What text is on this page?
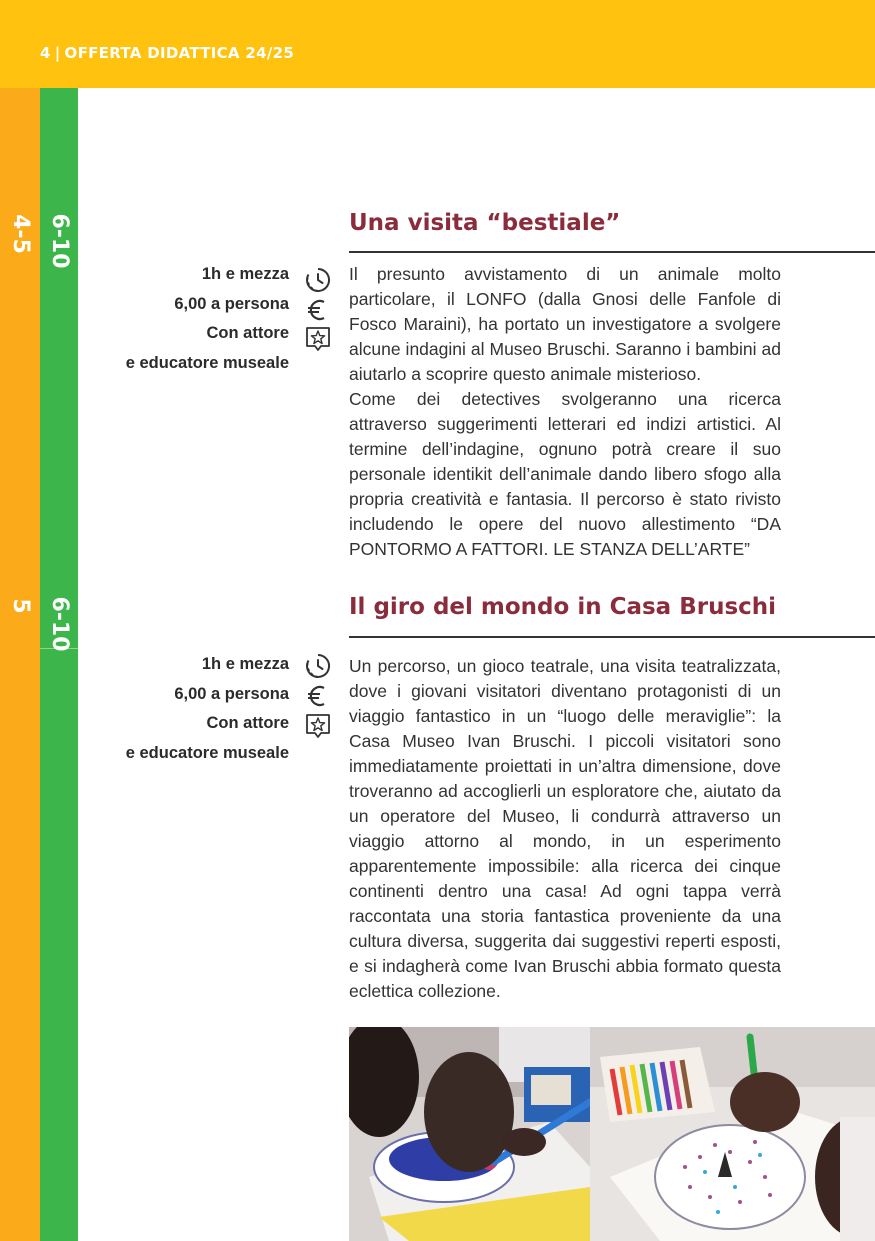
4 | OFFERTA DIDATTICA 24/25
4-5 6-10
5 6-10
Una visita “bestiale”
1h e mezza
6,00 a persona
Con attore
e educatore museale
Il presunto avvistamento di un animale molto particolare, il LONFO (dalla Gnosi delle Fanfole di Fosco Maraini), ha portato un investigatore a svolgere alcune indagini al Museo Bruschi. Saranno i bambini ad aiutarlo a scoprire questo animale misterioso.
Come dei detectives svolgeranno una ricerca attraverso suggerimenti letterari ed indizi artistici. Al termine dell’indagine, ognuno potrà creare il suo personale identikit dell’animale dando libero sfogo alla propria creatività e fantasia. Il percorso è stato rivisto includendo le opere del nuovo allestimento “DA PONTORMO A FATTORI. LE STANZA DELL’ARTE”
Il giro del mondo in Casa Bruschi
1h e mezza
6,00 a persona
Con attore
e educatore museale
Un percorso, un gioco teatrale, una visita teatralizzata, dove i giovani visitatori diventano protagonisti di un viaggio fantastico in un “luogo delle meraviglie”: la Casa Museo Ivan Bruschi. I piccoli visitatori sono immediatamente proiettati in un’altra dimensione, dove troveranno ad accoglierli un esploratore che, aiutato da un operatore del Museo, li condurrà attraverso un viaggio attorno al mondo, in un esperimento apparentemente impossibile: alla ricerca dei cinque continenti dentro una casa! Ad ogni tappa verrà raccontata una storia fantastica proveniente da una cultura diversa, suggerita dai suggestivi reperti esposti, e si indagherà come Ivan Bruschi abbia formato questa eclettica collezione.
